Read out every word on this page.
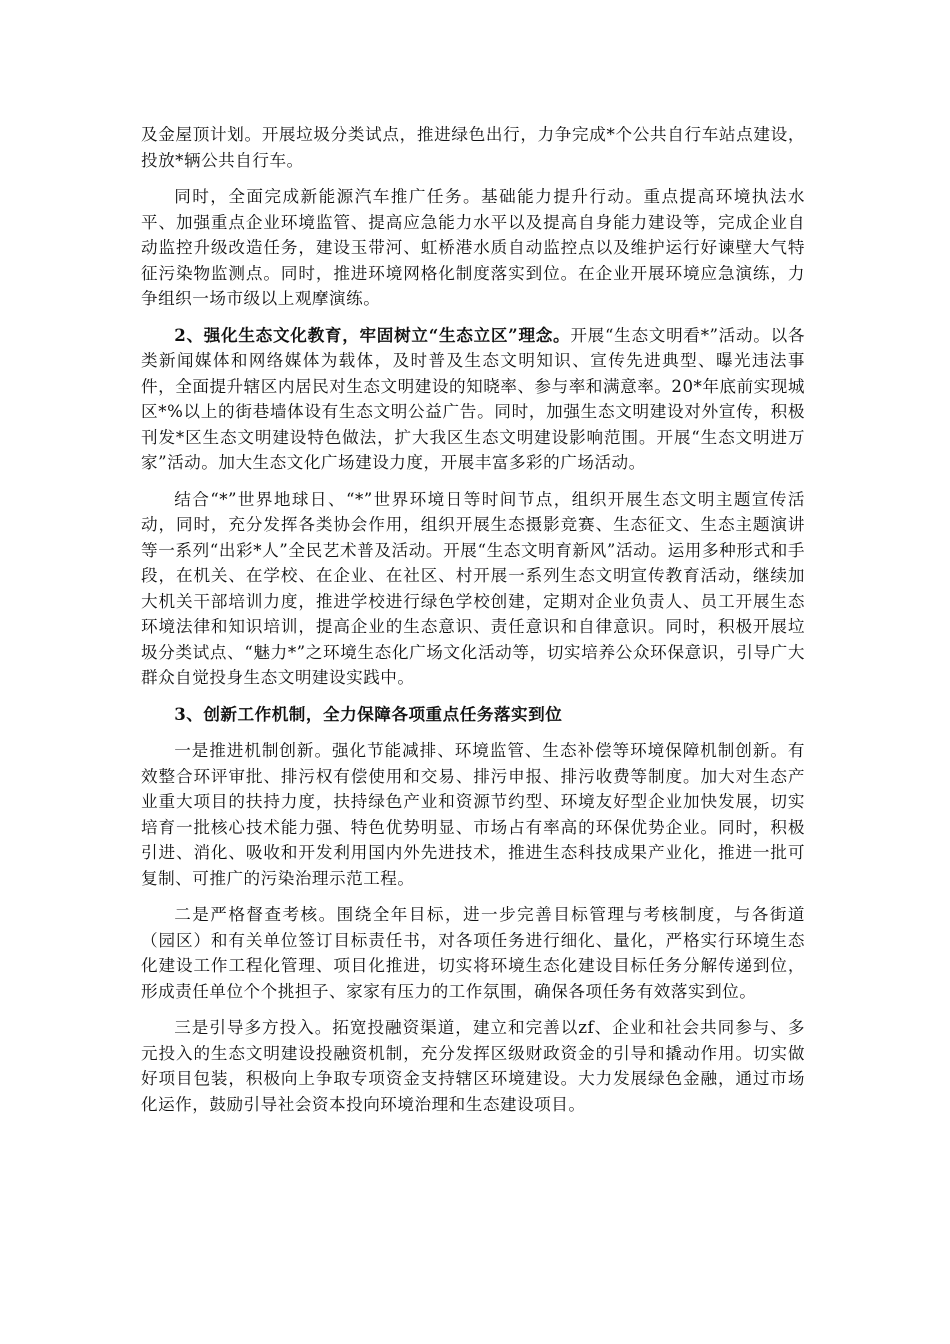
及金屋顶计划。开展垃圾分类试点，推进绿色出行，力争完成*个公共自行车站点建设，投放*辆公共自行车。

同时，全面完成新能源汽车推广任务。基础能力提升行动。重点提高环境执法水平、加强重点企业环境监管、提高应急能力水平以及提高自身能力建设等，完成企业自动监控升级改造任务，建设玉带河、虹桥港水质自动监控点以及维护运行好谏壁大气特征污染物监测点。同时，推进环境网格化制度落实到位。在企业开展环境应急演练，力争组织一场市级以上观摩演练。

2、强化生态文化教育，牢固树立“生态立区”理念。开展“生态文明看*”活动。以各类新闻媒体和网络媒体为载体，及时普及生态文明知识、宣传先进典型、曝光违法事件，全面提升辖区内居民对生态文明建设的知晓率、参与率和满意率。20*年底前实现城区*%以上的街巷墙体设有生态文明公益广告。同时，加强生态文明建设对外宣传，积极刊发*区生态文明建设特色做法，扩大我区生态文明建设影响范围。开展“生态文明进万家”活动。加大生态文化广场建设力度，开展丰富多彩的广场活动。

结合“*”世界地球日、“*”世界环境日等时间节点，组织开展生态文明主题宣传活动，同时，充分发挥各类协会作用，组织开展生态摄影竞赛、生态征文、生态主题演讲等一系列“出彩*人”全民艺术普及活动。开展“生态文明育新风”活动。运用多种形式和手段，在机关、在学校、在企业、在社区、村开展一系列生态文明宣传教育活动，继续加大机关干部培训力度，推进学校进行绿色学校创建，定期对企业负责人、员工开展生态环境法律和知识培训，提高企业的生态意识、责任意识和自律意识。同时，积极开展垃圾分类试点、“魅力*”之环境生态化广场文化活动等，切实培养公众环保意识，引导广大群众自觉投身生态文明建设实践中。

3、创新工作机制，全力保障各项重点任务落实到位

一是推进机制创新。强化节能减排、环境监管、生态补偿等环境保障机制创新。有效整合环评审批、排污权有偿使用和交易、排污申报、排污收费等制度。加大对生态产业重大项目的扶持力度，扶持绿色产业和资源节约型、环境友好型企业加快发展，切实培育一批核心技术能力强、特色优势明显、市场占有率高的环保优势企业。同时，积极引进、消化、吸收和开发利用国内外先进技术，推进生态科技成果产业化，推进一批可复制、可推广的污染治理示范工程。

二是严格督查考核。围绕全年目标，进一步完善目标管理与考核制度，与各街道（园区）和有关单位签订目标责任书，对各项任务进行细化、量化，严格实行环境生态化建设工作工程化管理、项目化推进，切实将环境生态化建设目标任务分解传递到位，形成责任单位个个挑担子、家家有压力的工作氛围，确保各项任务有效落实到位。

三是引导多方投入。拓宽投融资渠道，建立和完善以zf、企业和社会共同参与、多元投入的生态文明建设投融资机制，充分发挥区级财政资金的引导和撬动作用。切实做好项目包装，积极向上争取专项资金支持辖区环境建设。大力发展绿色金融，通过市场化运作，鼓励引导社会资本投向环境治理和生态建设项目。
